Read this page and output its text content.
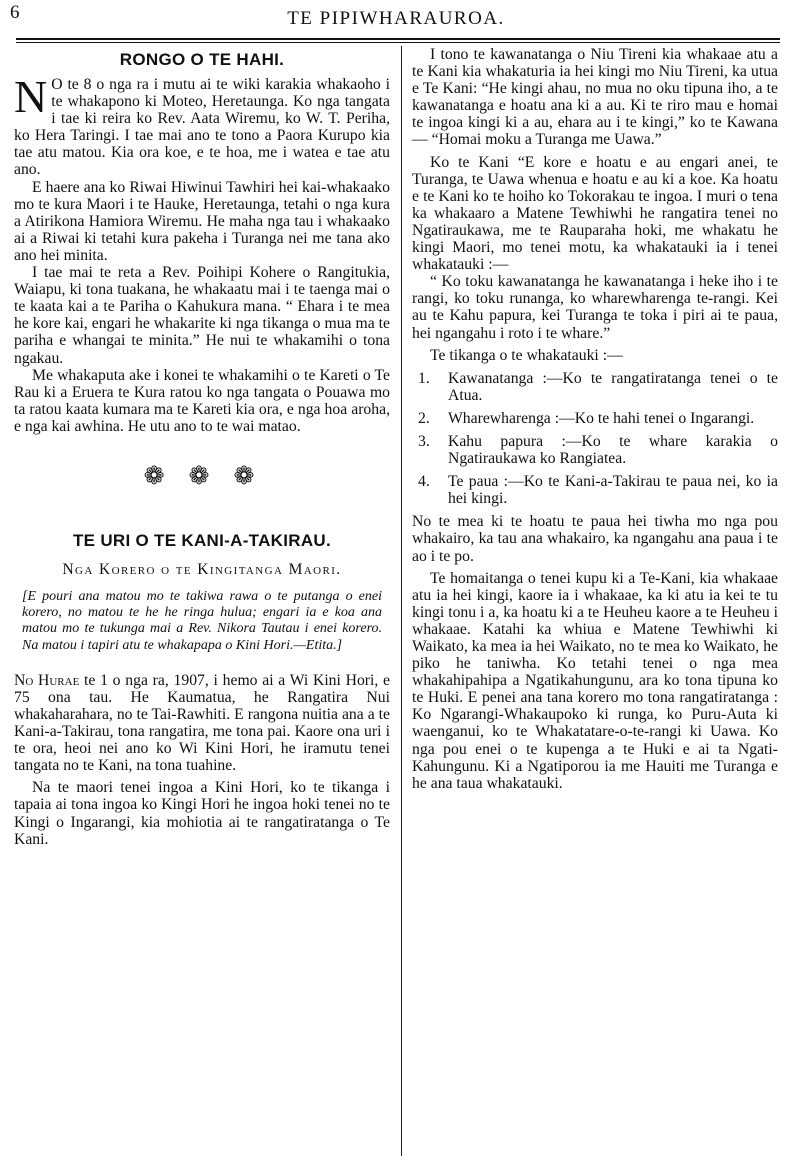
6	TE PIPIWHARAUROA.
RONGO O TE HAHI.

N O te 8 o nga ra i mutu ai te wiki karakia whakaoho i te whakapono ki Moteo, Heretaunga. Ko nga tangata i tae ki reira ko Rev. Aata Wiremu, ko W. T. Periha, ko Hera Taringi. I tae mai ano te tono a Paora Kurupo kia tae atu matou. Kia ora koe, e te hoa, me i watea e tae atu ano.

E haere ana ko Riwai Hiwinui Tawhiri hei kai-whakaako mo te kura Maori i te Hauke, Heretaunga, tetahi o nga kura a Atirikona Hamiora Wiremu. He maha nga tau i whakaako ai a Riwai ki tetahi kura pakeha i Turanga nei me tana ako ano hei minita.

I tae mai te reta a Rev. Poihipi Kohere o Rangitukia, Waiapu, ki tona tuakana, he whakaatu mai i te taenga mai o te kaata kai a te Pariha o Kahukura mana. “ Ehara i te mea he kore kai, engari he whakarite ki nga tikanga o mua ma te pariha e whangai te minita.” He nui te whakamihi o tona ngakau.

Me whakaputa ake i konei te whakamihi o te Kareti o Te Rau ki a Eruera te Kura ratou ko nga tangata o Pouawa mo ta ratou kaata kumara ma te Kareti kia ora, e nga hoa aroha, e nga kai awhina. He utu ano to te wai matao.

❁❁❁
TE URI O TE KANI-A-TAKIRAU.
Nga Korero o te Kingitanga Maori.

[E pouri ana matou mo te takiwa rawa o te putanga o enei korero, no matou te he he ringa hulua; engari ia e koa ana matou mo te tukunga mai a Rev. Nikora Tautau i enei korero. Na matou i tapiri atu te whakapapa o Kini Hori.—Etita.]

No Hurae te 1 o nga ra, 1907, i hemo ai a Wi Kini Hori, e 75 ona tau. He Kaumatua, he Rangatira Nui whakaharahara, no te Tai-Rawhiti. E rangona nuitia ana a te Kani-a-Takirau, tona rangatira, me tona pai. Kaore ona uri i te ora, heoi nei ano ko Wi Kini Hori, he iramutu tenei tangata no te Kani, na tona tuahine.

Na te maori tenei ingoa a Kini Hori, ko te tikanga i tapaia ai tona ingoa ko Kingi Hori he ingoa hoki tenei no te Kingi o Ingarangi, kia mohiotia ai te rangatiratanga o Te Kani.

I tono te kawanatanga o Niu Tireni kia whakaae atu a te Kani kia whakaturia ia hei kingi mo Niu Tireni, ka utua e Te Kani: “He kingi ahau, no mua no oku tipuna iho, a te kawanatanga e hoatu ana ki a au. Ki te riro mau e homai te ingoa kingi ki a au, ehara au i te kingi,” ko te Kawana— “Homai moku a Turanga me Uawa.”

Ko te Kani “E kore e hoatu e au engari anei, te Turanga, te Uawa whenua e hoatu e au ki a koe. Ka hoatu e te Kani ko te hoiho ko Tokorakau te ingoa. I muri o tena ka whakaaro a Matene Tewhiwhi he rangatira tenei no Ngatiraukawa, me te Rauparaha hoki, me whakatu he kingi Maori, mo tenei motu, ka whakatauki ia i tenei whakatauki :—

“ Ko toku kawanatanga he kawanatanga i heke iho i te rangi, ko toku runanga, ko wharewharenga te-rangi. Kei au te Kahu papura, kei Turanga te toka i piri ai te paua, hei ngangahu i roto i te whare.”

Te tikanga o te whakatauki :—

1.	Kawanatanga :—Ko te rangatiratanga tenei o te Atua.
2.	Wharewharenga :—Ko te hahi tenei o Ingarangi.
3.	Kahu papura :—Ko te whare karakia o Ngatiraukawa ko Rangiatea.
4.	Te paua :—Ko te Kani-a-Takirau te paua nei, ko ia hei kingi.

No te mea ki te hoatu te paua hei tiwha mo nga pou whakairo, ka tau ana whakairo, ka ngangahu ana paua i te ao i te po.

Te homaitanga o tenei kupu ki a Te-Kani, kia whakaae atu ia hei kingi, kaore ia i whakaae, ka ki atu ia kei te tu kingi tonu i a, ka hoatu ki a te Heuheu kaore a te Heuheu i whakaae. Katahi ka whiua e Matene Tewhiwhi ki Waikato, ka mea ia hei Waikato, no te mea ko Waikato, he piko he taniwha. Ko tetahi tenei o nga mea whakahipahipa a Ngatikahungunu, ara ko tona tipuna ko te Huki. E penei ana tana korero mo tona rangatiratanga : Ko Ngarangi-Whakaupoko ki runga, ko Puru-Auta ki waenganui, ko te Whakatatare-o-te-rangi ki Uawa. Ko nga pou enei o te kupenga a te Huki e ai ta Ngati-Kahungunu. Ki a Ngatiporou ia me Hauiti me Turanga e he ana taua whakatauki.
